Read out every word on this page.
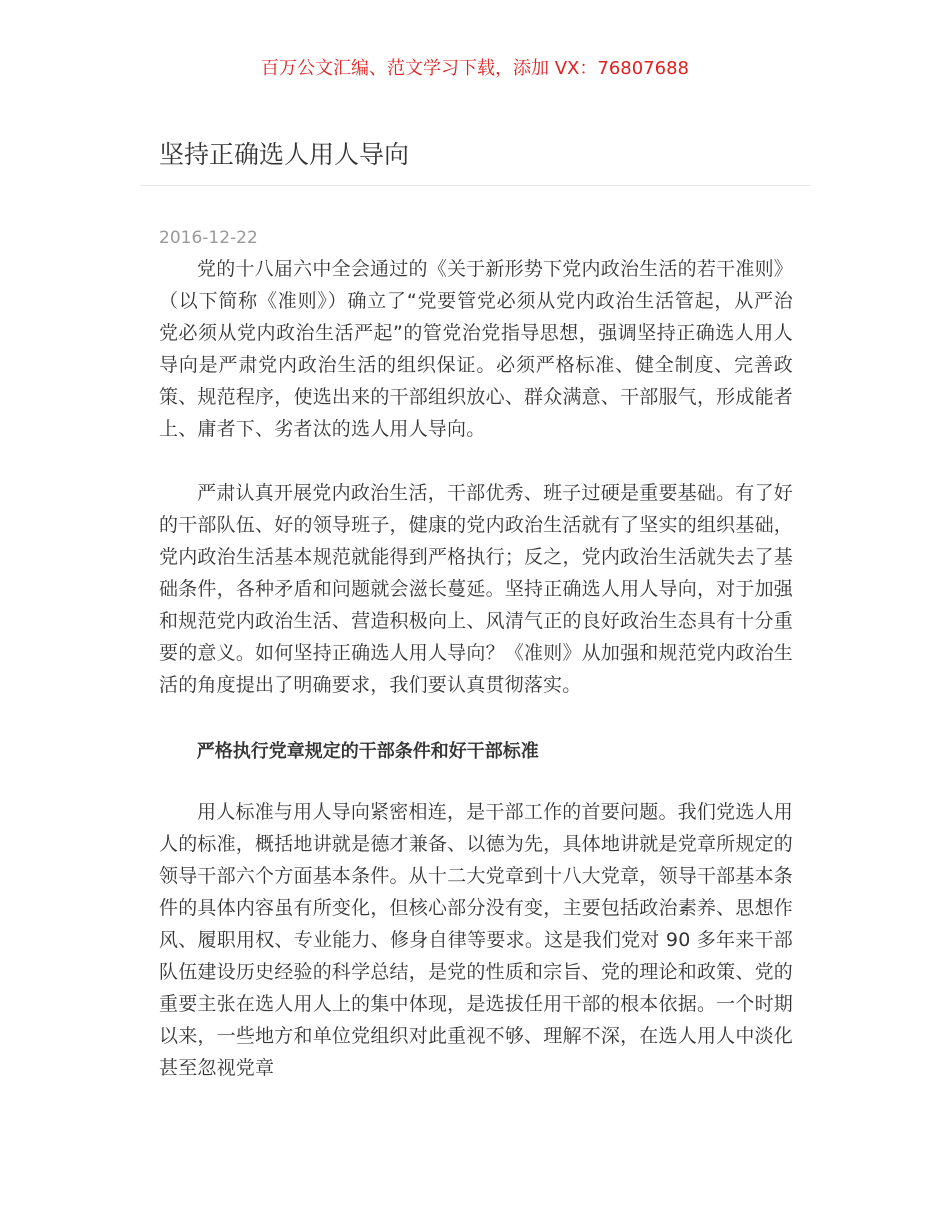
百万公文汇编、范文学习下载，添加 VX：76807688
坚持正确选人用人导向
2016-12-22

党的十八届六中全会通过的《关于新形势下党内政治生活的若干准则》（以下简称《准则》）确立了“党要管党必须从党内政治生活管起，从严治党必须从党内政治生活严起”的管党治党指导思想，强调坚持正确选人用人导向是严肃党内政治生活的组织保证。必须严格标准、健全制度、完善政策、规范程序，使选出来的干部组织放心、群众满意、干部服气，形成能者上、庸者下、劣者汰的选人用人导向。

严肃认真开展党内政治生活，干部优秀、班子过硬是重要基础。有了好的干部队伍、好的领导班子，健康的党内政治生活就有了坚实的组织基础，党内政治生活基本规范就能得到严格执行；反之，党内政治生活就失去了基础条件，各种矛盾和问题就会滋长蔓延。坚持正确选人用人导向，对于加强和规范党内政治生活、营造积极向上、风清气正的良好政治生态具有十分重要的意义。如何坚持正确选人用人导向？《准则》从加强和规范党内政治生活的角度提出了明确要求，我们要认真贯彻落实。

严格执行党章规定的干部条件和好干部标准

用人标准与用人导向紧密相连，是干部工作的首要问题。我们党选人用人的标准，概括地讲就是德才兼备、以德为先，具体地讲就是党章所规定的领导干部六个方面基本条件。从十二大党章到十八大党章，领导干部基本条件的具体内容虽有所变化，但核心部分没有变，主要包括政治素养、思想作风、履职用权、专业能力、修身自律等要求。这是我们党对 90 多年来干部队伍建设历史经验的科学总结，是党的性质和宗旨、党的理论和政策、党的重要主张在选人用人上的集中体现，是选拔任用干部的根本依据。一个时期以来，一些地方和单位党组织对此重视不够、理解不深，在选人用人中淡化甚至忽视党章
